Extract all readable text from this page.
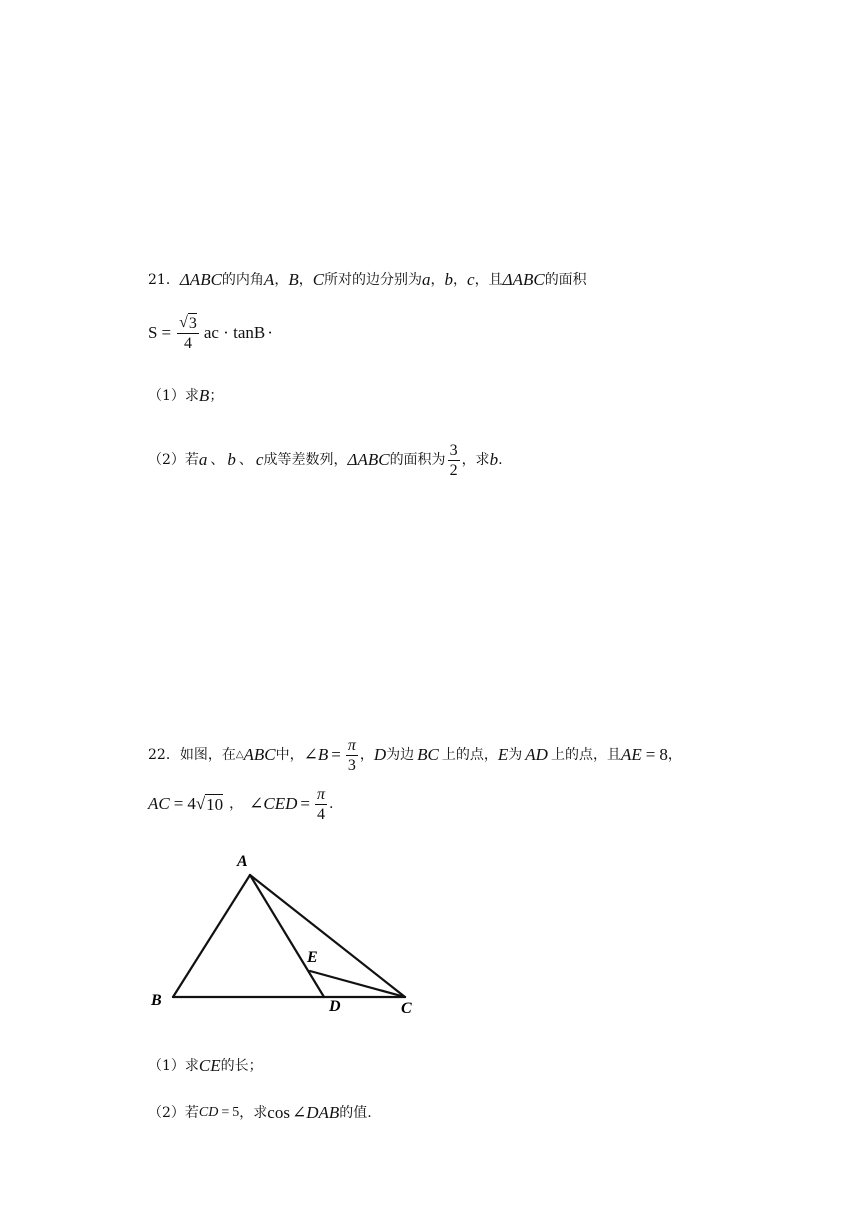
21． ΔABC 的内角 A ， B ， C 所对的边分别为 a ， b ， c ，且 ΔABC 的面积
$S = \frac{√ 3}{4}$ ac · tanB ·
（1）求 B ；
（2）若 a 、 b 、 c 成等差数列， ΔABC 的面积为 $\frac{3}{2}$ ，求 b .
22．如图，在 △ ABC 中， ∠B = $\frac{\pi}{3}$ ， D 为边 BC 上的点， E 为 AD 上的点，且 AE = 8 ，
AC = 4 √ 10 ， ∠CED = $\frac{\pi}{4}$ .
A
B	C
D
E
（1）求 CE 的长；
（2）若 CD = 5 ，求 cos ∠DAB 的值.
